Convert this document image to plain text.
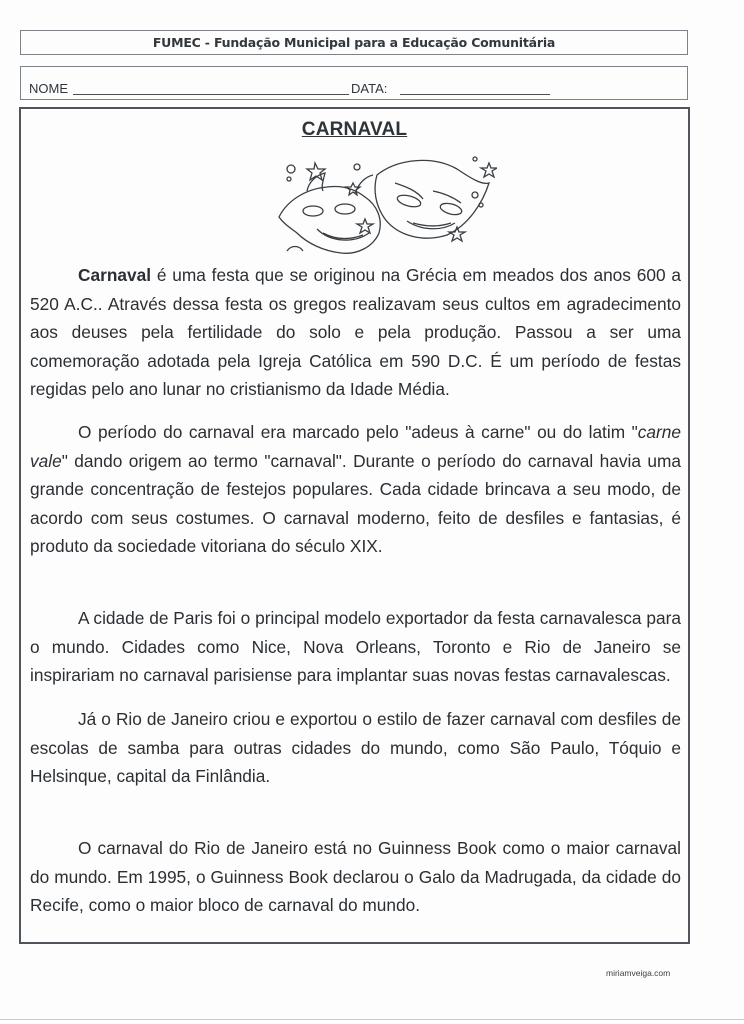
FUMEC - Fundação Municipal para a Educação Comunitária
NOME	DATA:
CARNAVAL

Carnaval é uma festa que se originou na Grécia em meados dos anos 600 a 520 A.C.. Através dessa festa os gregos realizavam seus cultos em agradecimento aos deuses pela fertilidade do solo e pela produção. Passou a ser uma comemoração adotada pela Igreja Católica em 590 D.C. É um período de festas regidas pelo ano lunar no cristianismo da Idade Média.

O período do carnaval era marcado pelo "adeus à carne" ou do latim "carne vale" dando origem ao termo "carnaval". Durante o período do carnaval havia uma grande concentração de festejos populares. Cada cidade brincava a seu modo, de acordo com seus costumes. O carnaval moderno, feito de desfiles e fantasias, é produto da sociedade vitoriana do século XIX.

A cidade de Paris foi o principal modelo exportador da festa carnavalesca para o mundo. Cidades como Nice, Nova Orleans, Toronto e Rio de Janeiro se inspirariam no carnaval parisiense para implantar suas novas festas carnavalescas.

Já o Rio de Janeiro criou e exportou o estilo de fazer carnaval com desfiles de escolas de samba para outras cidades do mundo, como São Paulo, Tóquio e Helsinque, capital da Finlândia.

O carnaval do Rio de Janeiro está no Guinness Book como o maior carnaval do mundo. Em 1995, o Guinness Book declarou o Galo da Madrugada, da cidade do Recife, como o maior bloco de carnaval do mundo.

miriamveiga.com
